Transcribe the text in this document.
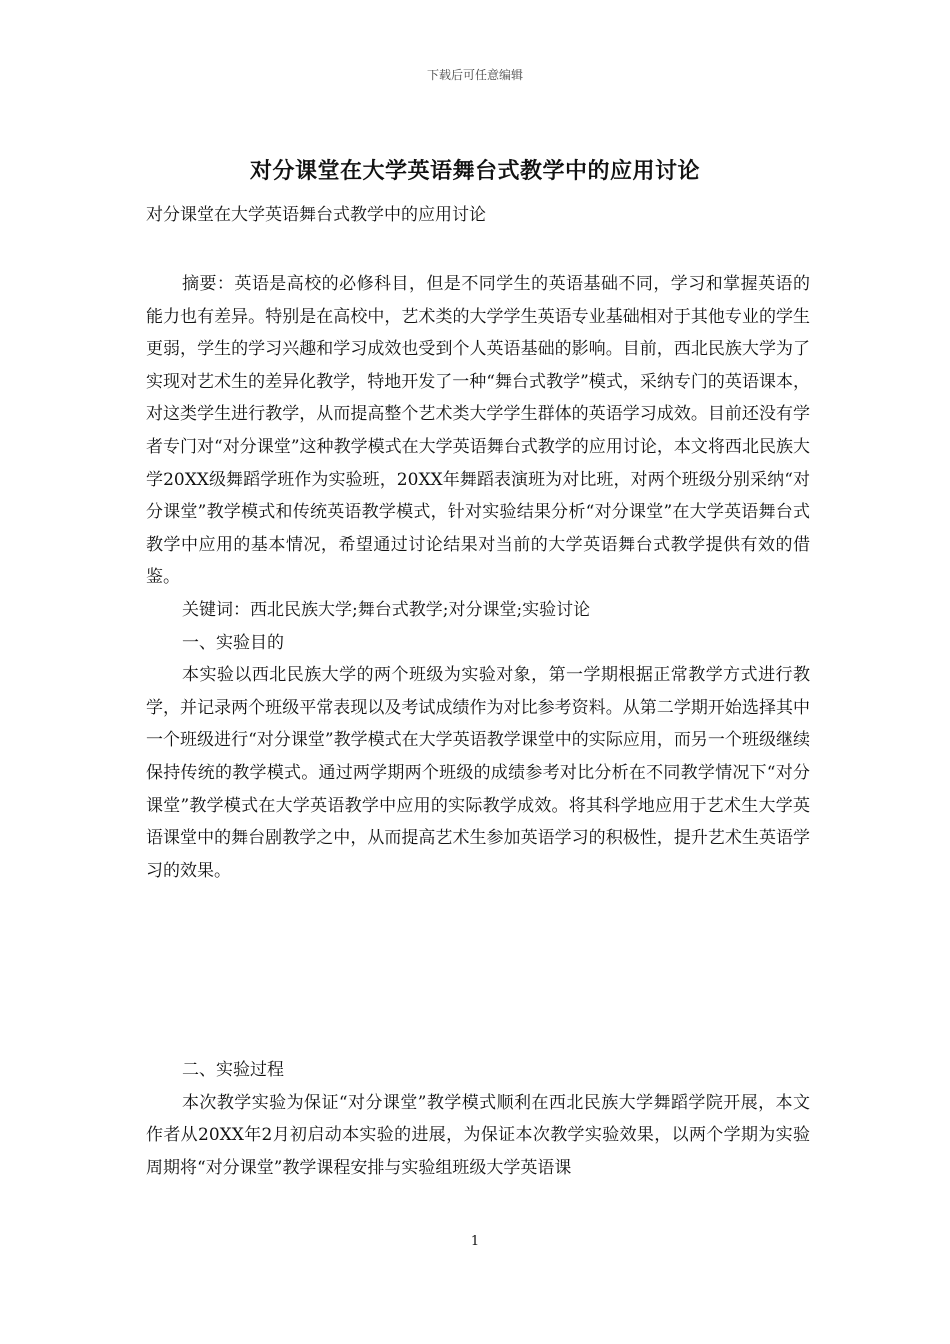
下载后可任意编辑
对分课堂在大学英语舞台式教学中的应用讨论
对分课堂在大学英语舞台式教学中的应用讨论

摘要：英语是高校的必修科目，但是不同学生的英语基础不同，学习和掌握英语的能力也有差异。特别是在高校中，艺术类的大学学生英语专业基础相对于其他专业的学生更弱，学生的学习兴趣和学习成效也受到个人英语基础的影响。目前，西北民族大学为了实现对艺术生的差异化教学，特地开发了一种“舞台式教学”模式，采纳专门的英语课本，对这类学生进行教学，从而提高整个艺术类大学学生群体的英语学习成效。目前还没有学者专门对“对分课堂”这种教学模式在大学英语舞台式教学的应用讨论，本文将西北民族大学20XX级舞蹈学班作为实验班，20XX年舞蹈表演班为对比班，对两个班级分别采纳“对分课堂”教学模式和传统英语教学模式，针对实验结果分析“对分课堂”在大学英语舞台式教学中应用的基本情况，希望通过讨论结果对当前的大学英语舞台式教学提供有效的借鉴。

关键词：西北民族大学;舞台式教学;对分课堂;实验讨论

一、实验目的

本实验以西北民族大学的两个班级为实验对象，第一学期根据正常教学方式进行教学，并记录两个班级平常表现以及考试成绩作为对比参考资料。从第二学期开始选择其中一个班级进行“对分课堂”教学模式在大学英语教学课堂中的实际应用，而另一个班级继续保持传统的教学模式。通过两学期两个班级的成绩参考对比分析在不同教学情况下“对分课堂”教学模式在大学英语教学中应用的实际教学成效。将其科学地应用于艺术生大学英语课堂中的舞台剧教学之中，从而提高艺术生参加英语学习的积极性，提升艺术生英语学习的效果。

二、实验过程

本次教学实验为保证“对分课堂”教学模式顺利在西北民族大学舞蹈学院开展，本文作者从20XX年2月初启动本实验的进展，为保证本次教学实验效果，以两个学期为实验周期将“对分课堂”教学课程安排与实验组班级大学英语课

1
